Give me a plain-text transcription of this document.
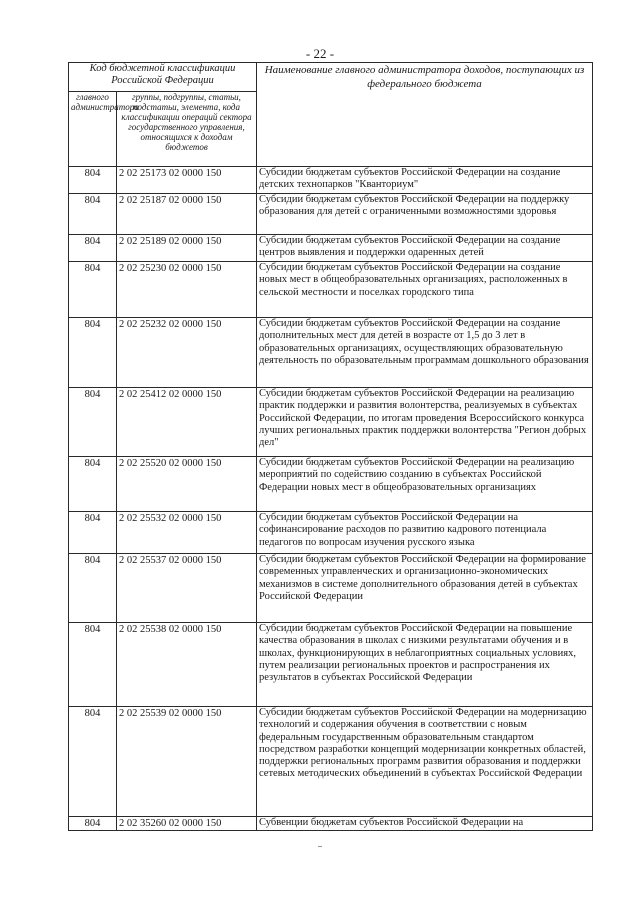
- 22 -
Код бюджетной классификации Российской Федерации		Наименование главного администратора доходов, поступающих из федерального бюджета
главного администратора	группы, подгруппы, статьи, подстатьи, элемента, кода классификации операций сектора государственного управления, относящихся к доходам бюджетов	
804	2 02 25173 02 0000 150	Субсидии бюджетам субъектов Российской Федерации на создание детских технопарков "Кванториум"
804	2 02 25187 02 0000 150	Субсидии бюджетам субъектов Российской Федерации на поддержку образования для детей с ограниченными возможностями здоровья
804	2 02 25189 02 0000 150	Субсидии бюджетам субъектов Российской Федерации на создание центров выявления и поддержки одаренных детей
804	2 02 25230 02 0000 150	Субсидии бюджетам субъектов Российской Федерации на создание новых мест в общеобразовательных организациях, расположенных в сельской местности и поселках городского типа
804	2 02 25232 02 0000 150	Субсидии бюджетам субъектов Российской Федерации на создание дополнительных мест для детей в возрасте от 1,5 до 3 лет в образовательных организациях, осуществляющих образовательную деятельность по образовательным программам дошкольного образования
804	2 02 25412 02 0000 150	Субсидии бюджетам субъектов Российской Федерации на реализацию практик поддержки и развития волонтерства, реализуемых в субъектах Российской Федерации, по итогам проведения Всероссийского конкурса лучших региональных практик поддержки волонтерства "Регион добрых дел"
804	2 02 25520 02 0000 150	Субсидии бюджетам субъектов Российской Федерации на реализацию мероприятий по содействию созданию в субъектах Российской Федерации новых мест в общеобразовательных организациях
804	2 02 25532 02 0000 150	Субсидии бюджетам субъектов Российской Федерации на софинансирование расходов по развитию кадрового потенциала педагогов по вопросам изучения русского языка
804	2 02 25537 02 0000 150	Субсидии бюджетам субъектов Российской Федерации на формирование современных управленческих и организационно-экономических механизмов в системе дополнительного образования детей в субъектах Российской Федерации
804	2 02 25538 02 0000 150	Субсидии бюджетам субъектов Российской Федерации на повышение качества образования в школах с низкими результатами обучения и в школах, функционирующих в неблагоприятных социальных условиях, путем реализации региональных проектов и распространения их результатов в субъектах Российской Федерации
804	2 02 25539 02 0000 150	Субсидии бюджетам субъектов Российской Федерации на модернизацию технологий и содержания обучения в соответствии с новым федеральным государственным образовательным стандартом посредством разработки концепций модернизации конкретных областей, поддержки региональных программ развития образования и поддержки сетевых методических объединений в субъектах Российской Федерации
804	2 02 35260 02 0000 150	Субвенции бюджетам субъектов Российской Федерации на
